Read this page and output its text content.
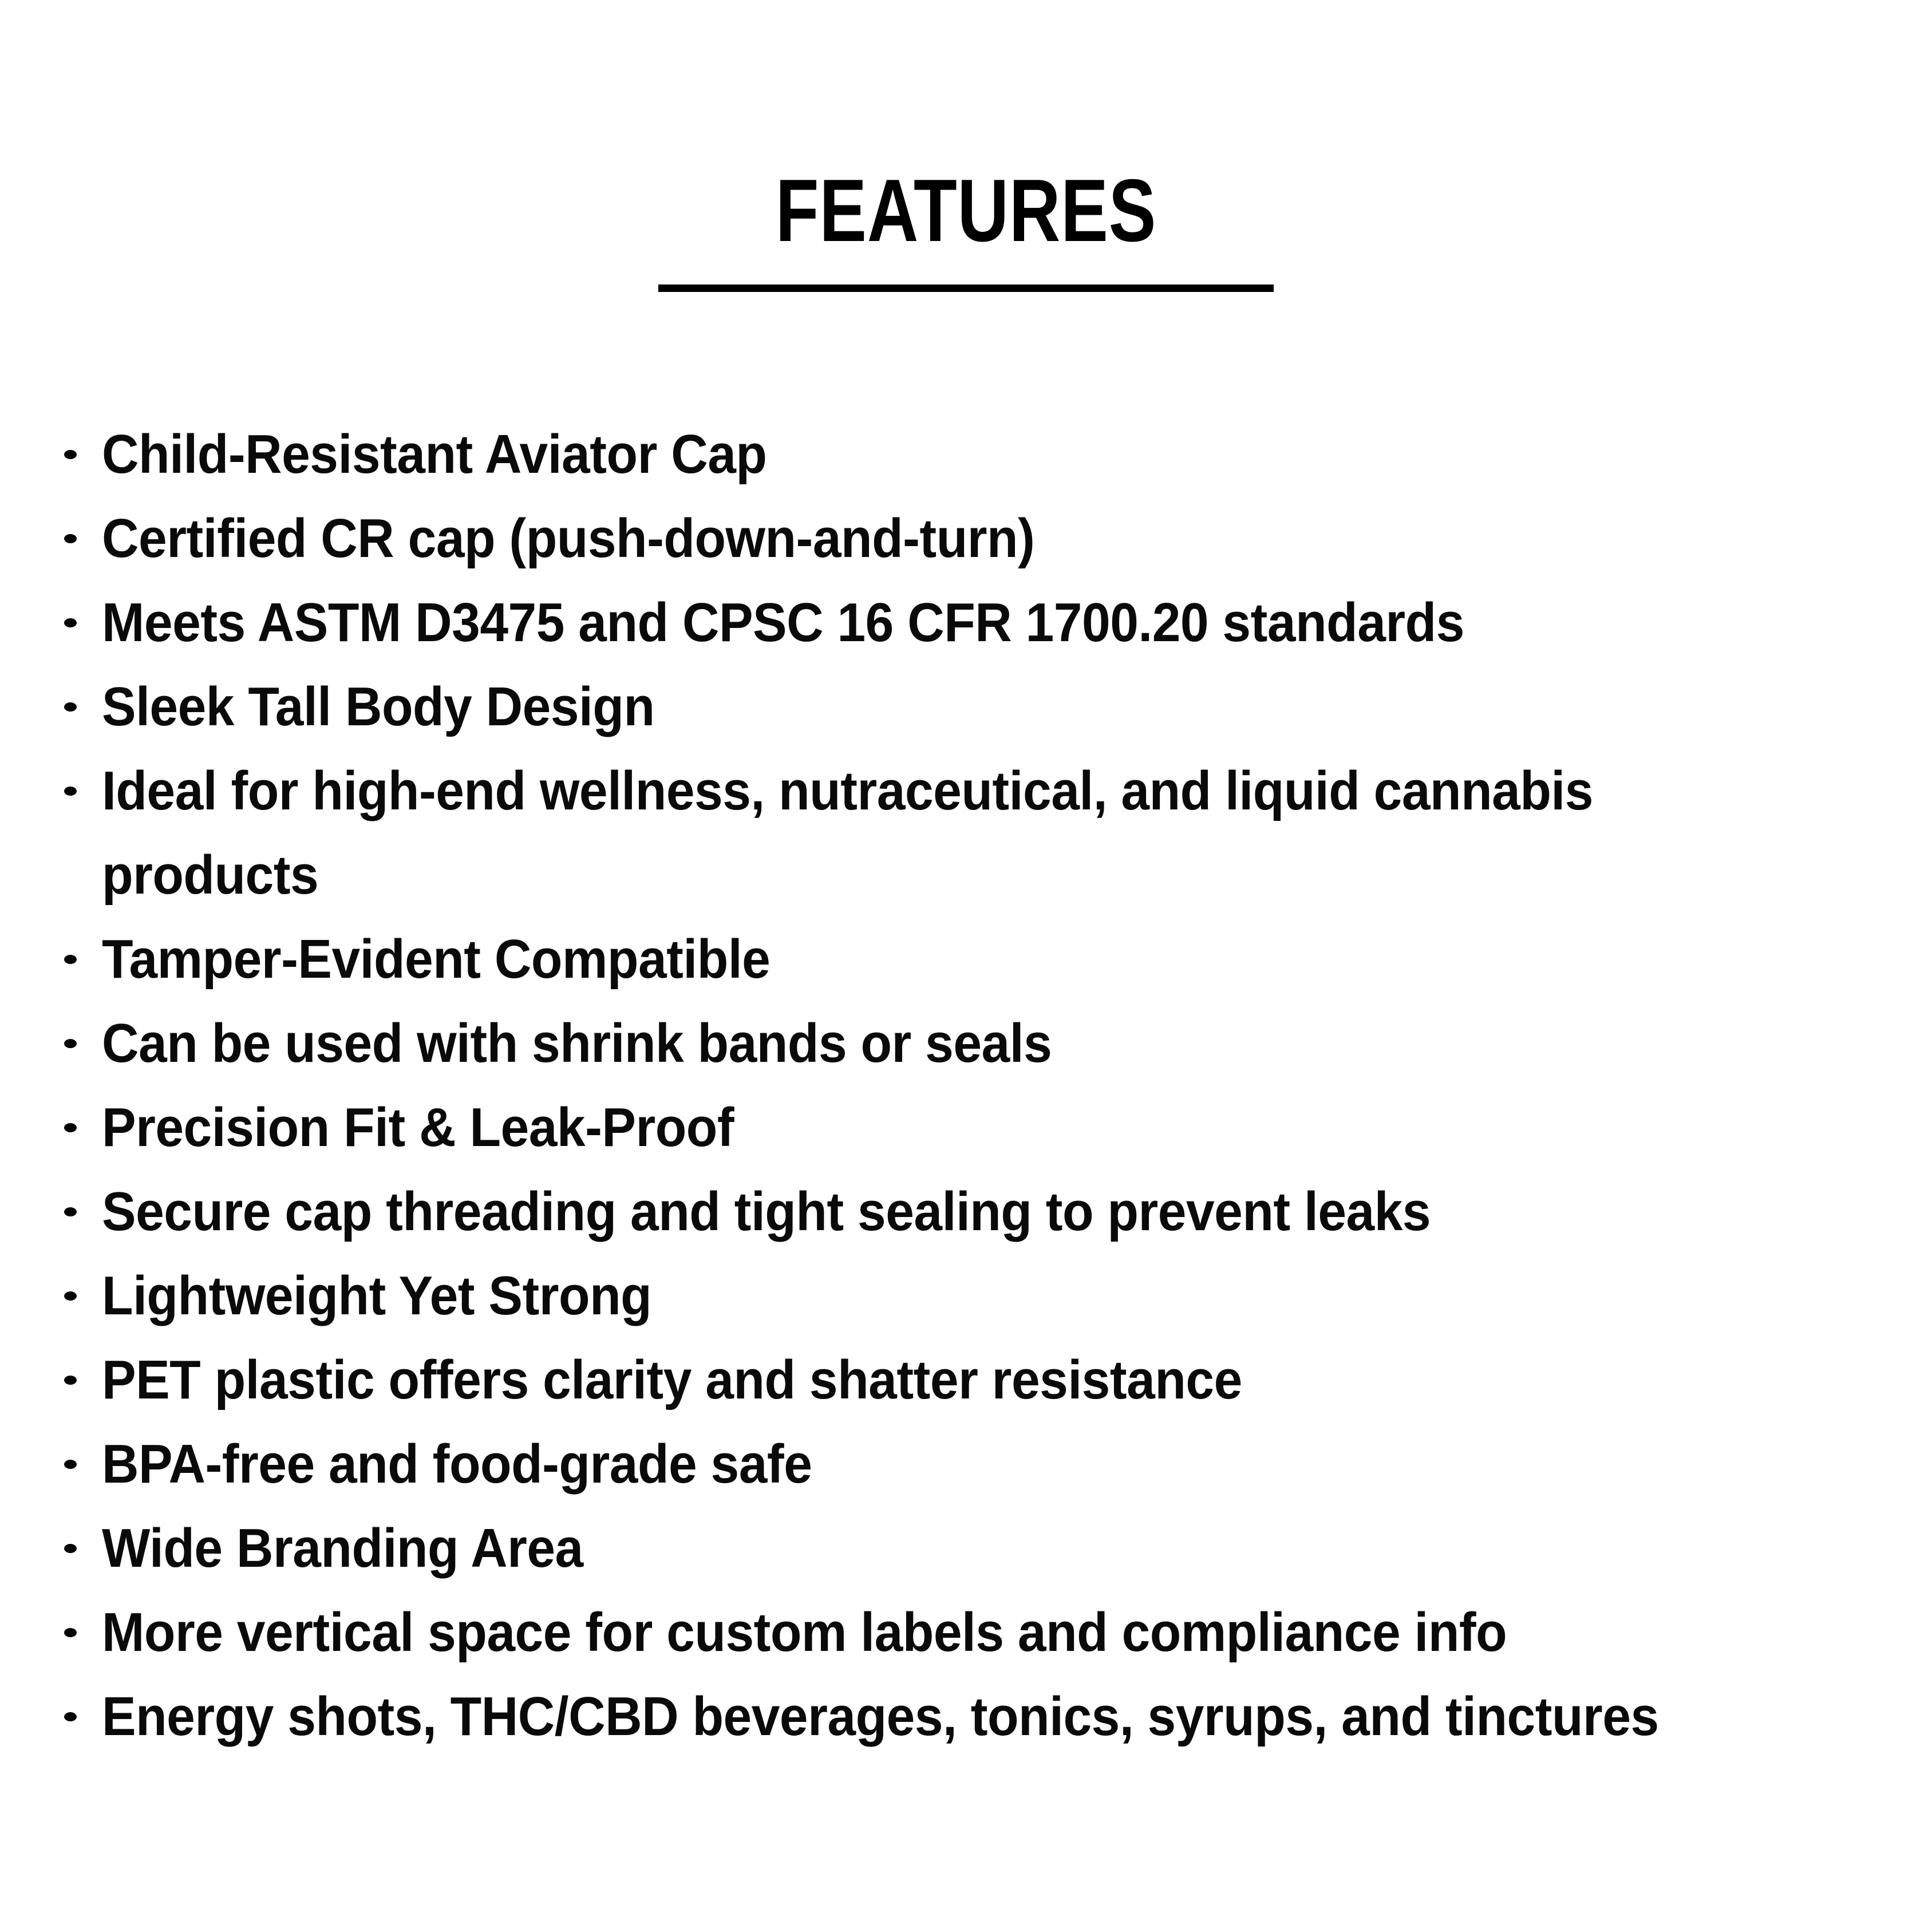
FEATURES
Child-Resistant Aviator Cap
Certified CR cap (push-down-and-turn)
Meets ASTM D3475 and CPSC 16 CFR 1700.20 standards
Sleek Tall Body Design
Ideal for high-end wellness, nutraceutical, and liquid cannabis
products
Tamper-Evident Compatible
Can be used with shrink bands or seals
Precision Fit & Leak-Proof
Secure cap threading and tight sealing to prevent leaks
Lightweight Yet Strong
PET plastic offers clarity and shatter resistance
BPA-free and food-grade safe
Wide Branding Area
More vertical space for custom labels and compliance info
Energy shots, THC/CBD beverages, tonics, syrups, and tinctures
